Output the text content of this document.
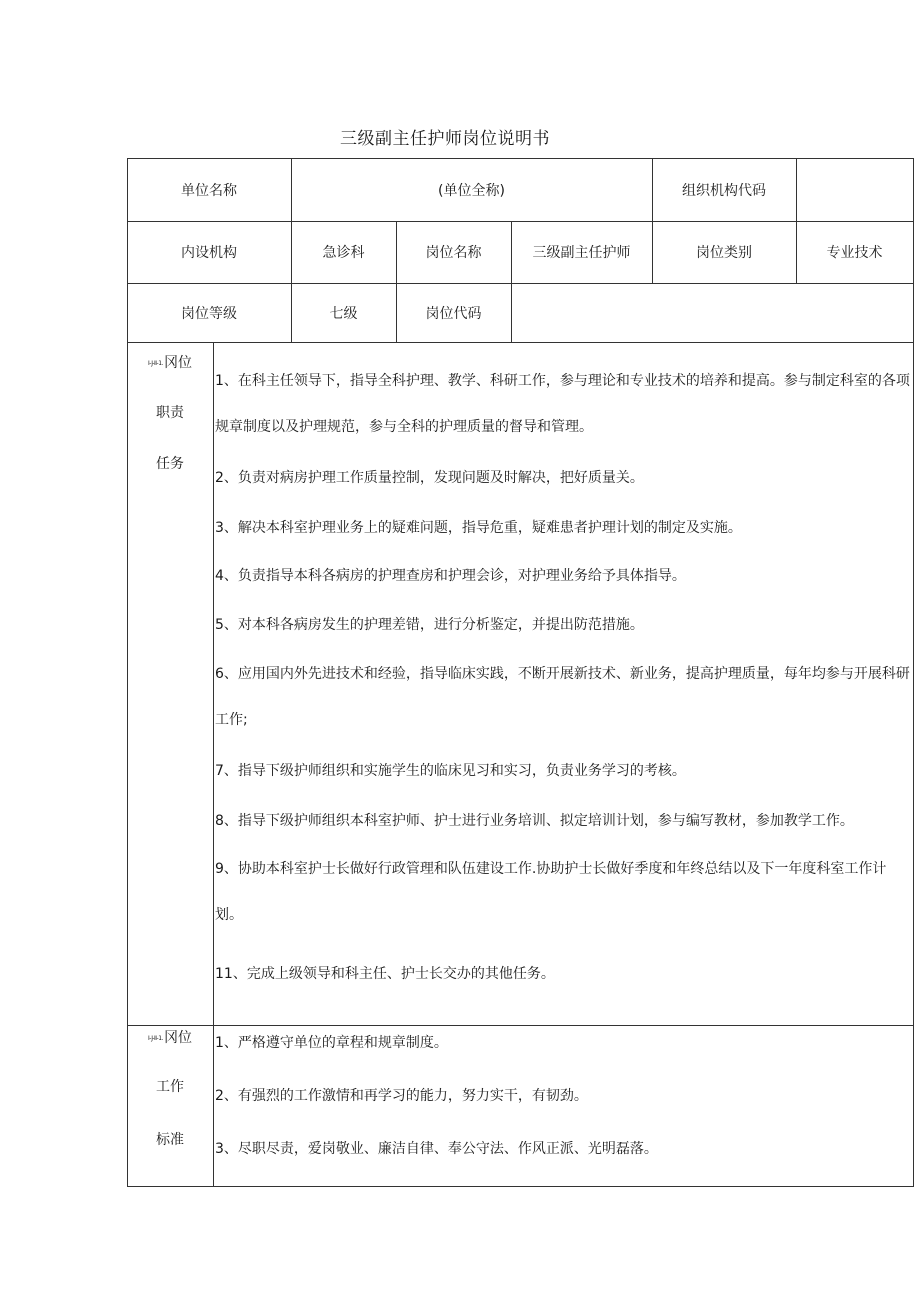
三级副主任护师岗位说明书
单位名称	(单位全称)	组织机构代码
内设机构	急诊科	岗位名称	三级副主任护师	岗位类别	专业技术
岗位等级	七级	岗位代码
I-J-II-1.冈位
职责
任务

1、在科主任领导下，指导全科护理、教学、科研工作，参与理论和专业技术的培养和提高。参与制定科室的各项规章制度以及护理规范，参与全科的护理质量的督导和管理。

2、负责对病房护理工作质量控制，发现问题及时解决，把好质量关。

3、解决本科室护理业务上的疑难问题，指导危重，疑难患者护理计划的制定及实施。

4、负责指导本科各病房的护理查房和护理会诊，对护理业务给予具体指导。

5、对本科各病房发生的护理差错，进行分析鉴定，并提出防范措施。

6、应用国内外先进技术和经验，指导临床实践，不断开展新技术、新业务，提高护理质量，每年均参与开展科研工作;

7、指导下级护师组织和实施学生的临床见习和实习，负责业务学习的考核。

8、指导下级护师组织本科室护师、护士进行业务培训、拟定培训计划，参与编写教材，参加教学工作。

9、协助本科室护士长做好行政管理和队伍建设工作.协助护士长做好季度和年终总结以及下一年度科室工作计划。

11、完成上级领导和科主任、护士长交办的其他任务。

I-J-II-1.冈位
工作
标准

1、严格遵守单位的章程和规章制度。

2、有强烈的工作激情和再学习的能力，努力实干，有韧劲。

3、尽职尽责，爱岗敬业、廉洁自律、奉公守法、作风正派、光明磊落。
